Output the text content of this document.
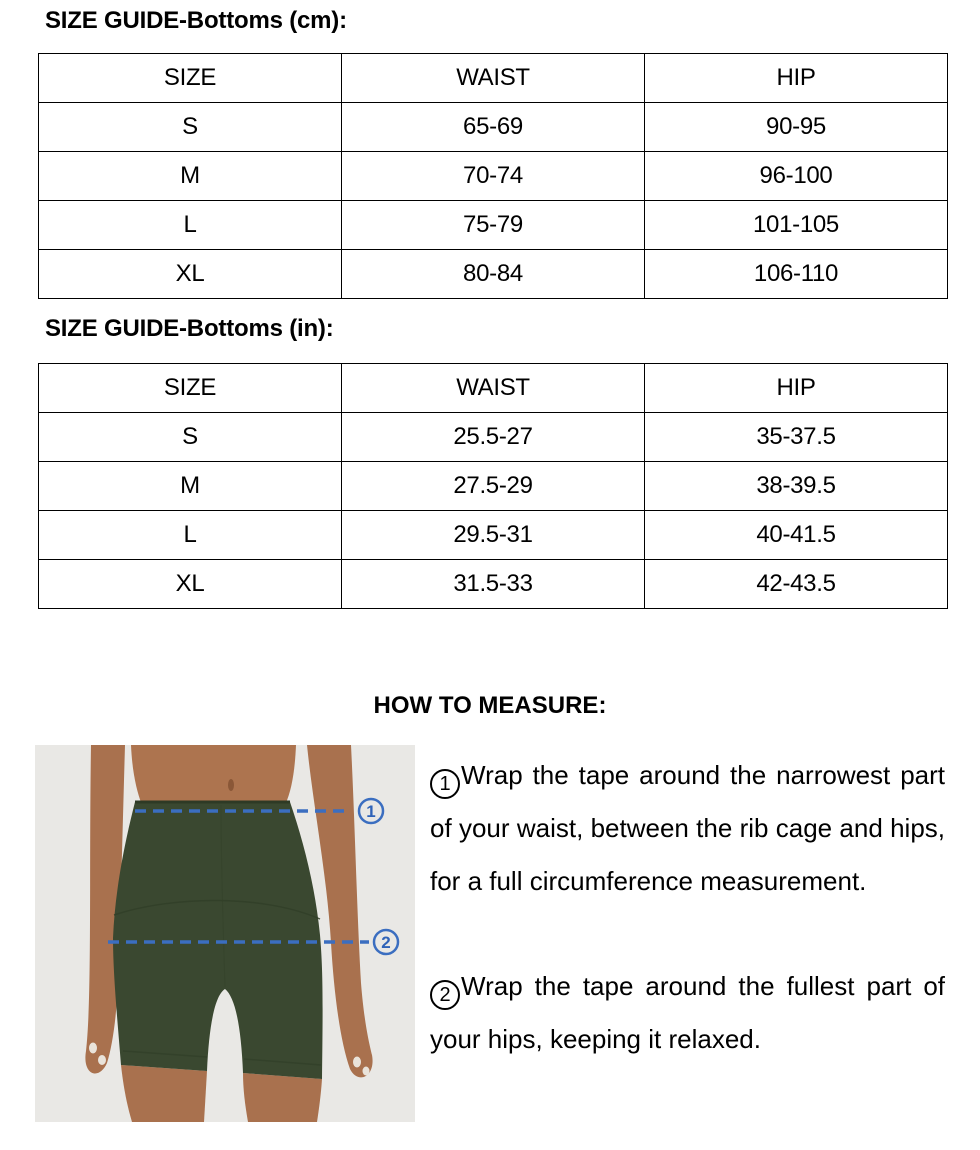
SIZE GUIDE-Bottoms (cm):
SIZE	WAIST	HIP
S	65-69	90-95
M	70-74	96-100
L	75-79	101-105
XL	80-84	106-110
SIZE GUIDE-Bottoms (in):
SIZE	WAIST	HIP
S	25.5-27	35-37.5
M	27.5-29	38-39.5
L	29.5-31	40-41.5
XL	31.5-33	42-43.5
HOW TO MEASURE:
1
2

1 Wrap the tape around the narrowest part of your waist, between the rib cage and hips, for a full circumference measurement.

2 Wrap the tape around the fullest part of your hips, keeping it relaxed.
